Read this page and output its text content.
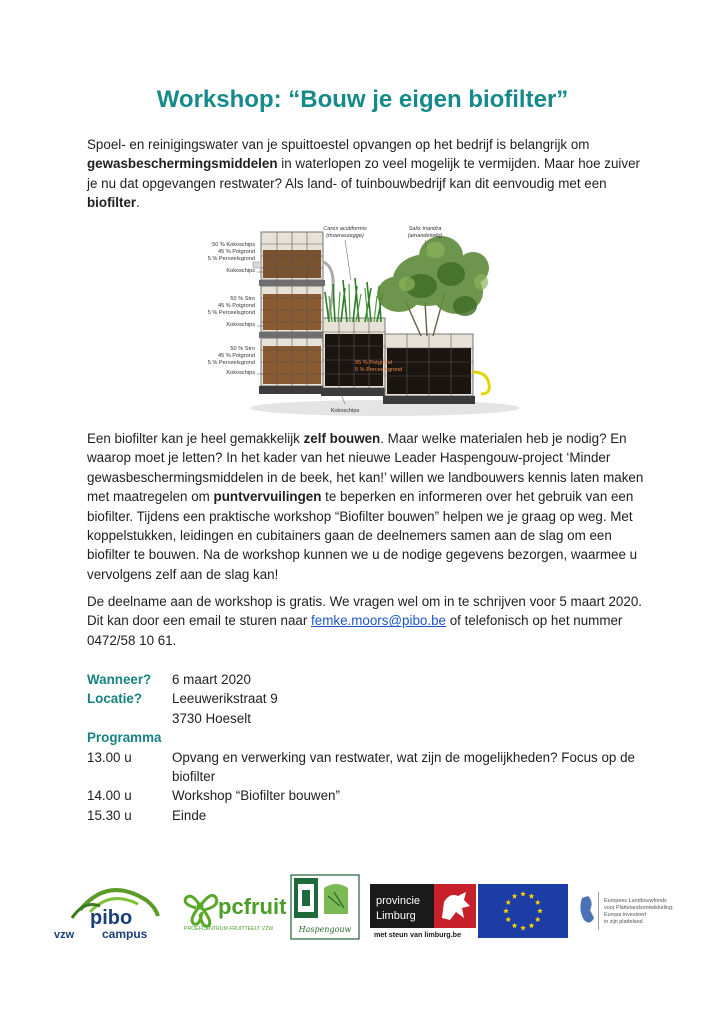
Workshop: “Bouw je eigen biofilter”

Spoel- en reinigingswater van je spuittoestel opvangen op het bedrijf is belangrijk om gewasbeschermingsmiddelen in waterlopen zo veel mogelijk te vermijden. Maar hoe zuiver je nu dat opgevangen restwater? Als land- of tuinbouwbedrijf kan dit eenvoudig met een biofilter.

50 % Kokoschips
45 % Potgrond
5 % Perceelsgrond
Kokoschips
50 % Stro
45 % Potgrond
5 % Perceelsgrond
Kokoschips
50 % Stro
45 % Potgrond
5 % Perceelsgrond
Kokoschips
Carex acutiformis
(moeraszegge)
Salix triandra
(amandelwilg)
95 % Potgrond
5 % Perceelsgrond
Kokoschips

Een biofilter kan je heel gemakkelijk zelf bouwen. Maar welke materialen heb je nodig? En waarop moet je letten? In het kader van het nieuwe Leader Haspengouw-project ‘Minder gewasbeschermingsmiddelen in de beek, het kan!’ willen we landbouwers kennis laten maken met maatregelen om puntvervuilingen te beperken en informeren over het gebruik van een biofilter. Tijdens een praktische workshop “Biofilter bouwen” helpen we je graag op weg. Met koppelstukken, leidingen en cubitainers gaan de deelnemers samen aan de slag om een biofilter te bouwen. Na de workshop kunnen we u de nodige gegevens bezorgen, waarmee u vervolgens zelf aan de slag kan!

De deelname aan de workshop is gratis. We vragen wel om in te schrijven voor 5 maart 2020. Dit kan door een email te sturen naar femke.moors@pibo.be of telefonisch op het nummer 0472/58 10 61.

Wanneer?	6 maart 2020
Locatie?	Leeuwerikstraat 9
3730 Hoeselt
Programma
13.00 u	Opvang en verwerking van restwater, wat zijn de mogelijkheden? Focus op de biofilter
14.00 u	Workshop “Biofilter bouwen”
15.30 u	Einde
pibo
vzw campus
pcfruit
PROEFCENTRUM FRUITTEELT VZW	Haspengouw
provincie
Limburg
met steun van limburg.be
Europees Landbouwfonds
voor Plattelandsontwikkeling:
Europa investeert
in zijn platteland
